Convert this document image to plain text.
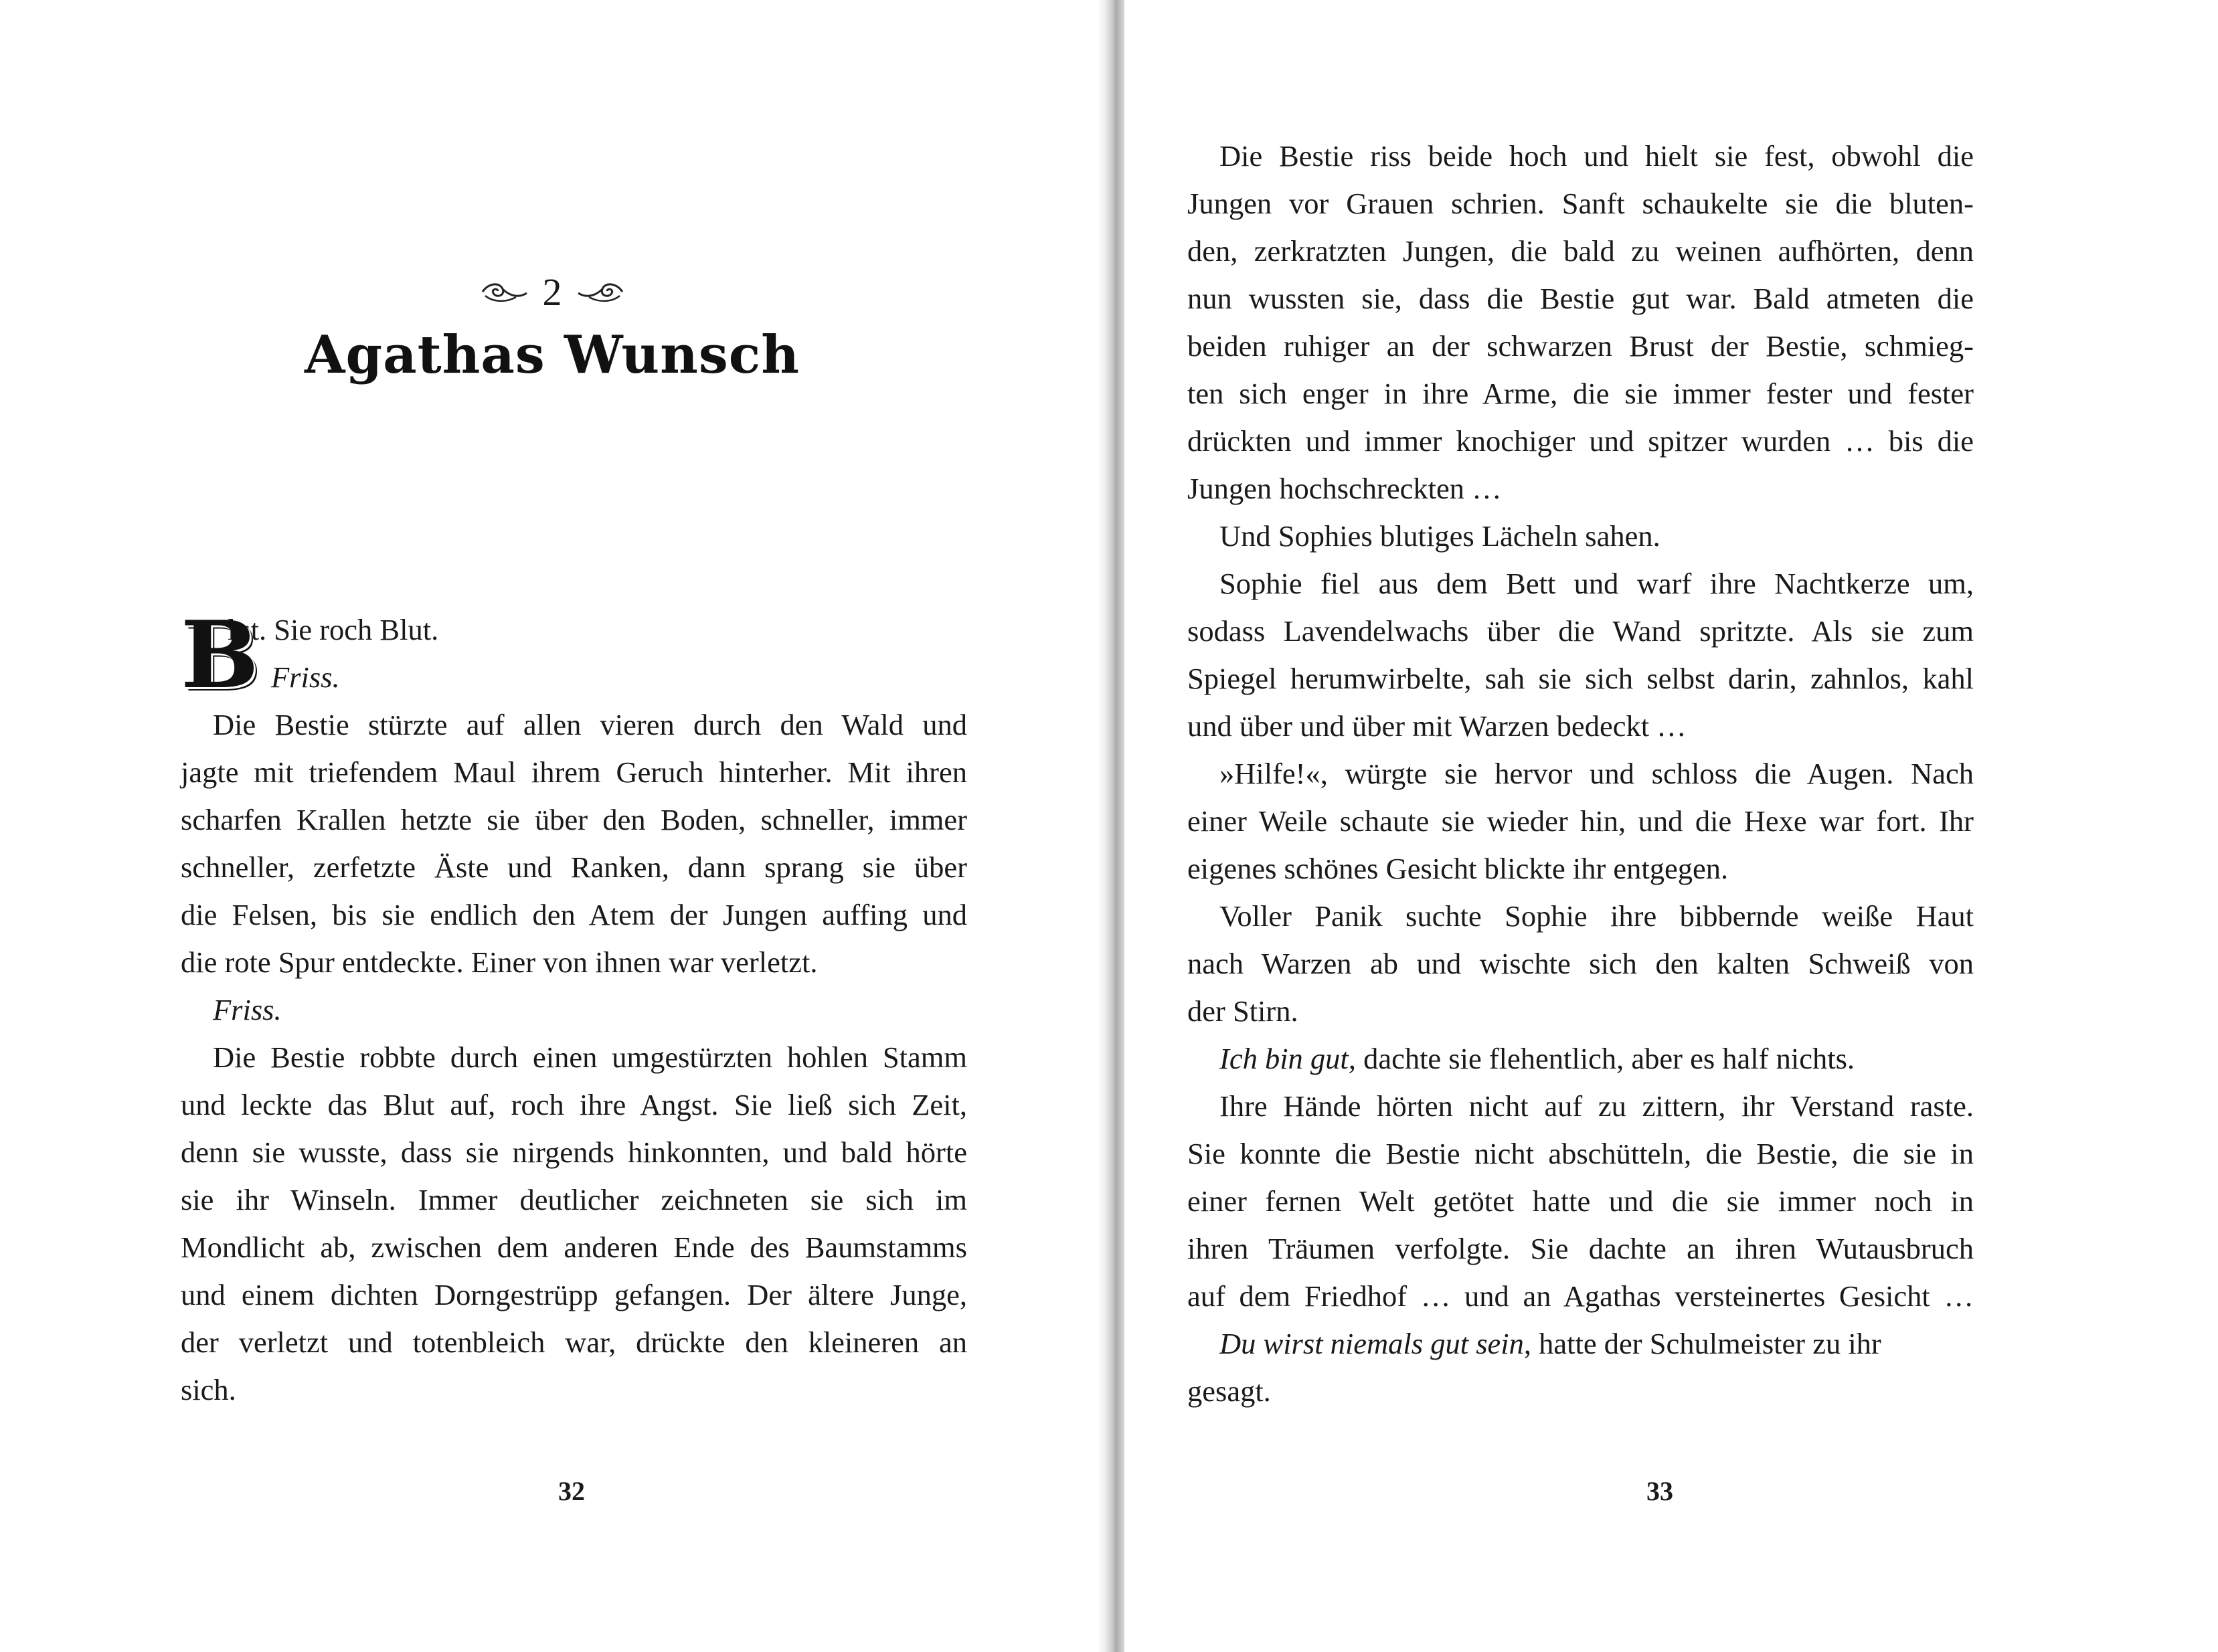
2
Agathas Wunsch
B
lut. Sie roch Blut.
Friss.
Die Bestie stürzte auf allen vieren durch den Wald und
jagte mit triefendem Maul ihrem Geruch hinterher. Mit ihren
scharfen Krallen hetzte sie über den Boden, schneller, immer
schneller, zerfetzte Äste und Ranken, dann sprang sie über
die Felsen, bis sie endlich den Atem der Jungen auffing und
die rote Spur entdeckte. Einer von ihnen war verletzt.
Friss.
Die Bestie robbte durch einen umgestürzten hohlen Stamm
und leckte das Blut auf, roch ihre Angst. Sie ließ sich Zeit,
denn sie wusste, dass sie nirgends hinkonnten, und bald hörte
sie ihr Winseln. Immer deutlicher zeichneten sie sich im
Mondlicht ab, zwischen dem anderen Ende des Baumstamms
und einem dichten Dorngestrüpp gefangen. Der ältere Junge,
der verletzt und totenbleich war, drückte den kleineren an
sich.
32
Die Bestie riss beide hoch und hielt sie fest, obwohl die
Jungen vor Grauen schrien. Sanft schaukelte sie die bluten-
den, zerkratzten Jungen, die bald zu weinen aufhörten, denn
nun wussten sie, dass die Bestie gut war. Bald atmeten die
beiden ruhiger an der schwarzen Brust der Bestie, schmieg-
ten sich enger in ihre Arme, die sie immer fester und fester
drückten und immer knochiger und spitzer wurden … bis die
Jungen hochschreckten …
Und Sophies blutiges Lächeln sahen.
Sophie fiel aus dem Bett und warf ihre Nachtkerze um,
sodass Lavendelwachs über die Wand spritzte. Als sie zum
Spiegel herumwirbelte, sah sie sich selbst darin, zahnlos, kahl
und über und über mit Warzen bedeckt …
»Hilfe!«, würgte sie hervor und schloss die Augen. Nach
einer Weile schaute sie wieder hin, und die Hexe war fort. Ihr
eigenes schönes Gesicht blickte ihr entgegen.
Voller Panik suchte Sophie ihre bibbernde weiße Haut
nach Warzen ab und wischte sich den kalten Schweiß von
der Stirn.
Ich bin gut, dachte sie flehentlich, aber es half nichts.
Ihre Hände hörten nicht auf zu zittern, ihr Verstand raste.
Sie konnte die Bestie nicht abschütteln, die Bestie, die sie in
einer fernen Welt getötet hatte und die sie immer noch in
ihren Träumen verfolgte. Sie dachte an ihren Wutausbruch
auf dem Friedhof … und an Agathas versteinertes Gesicht …
Du wirst niemals gut sein, hatte der Schulmeister zu ihr
gesagt.
33
